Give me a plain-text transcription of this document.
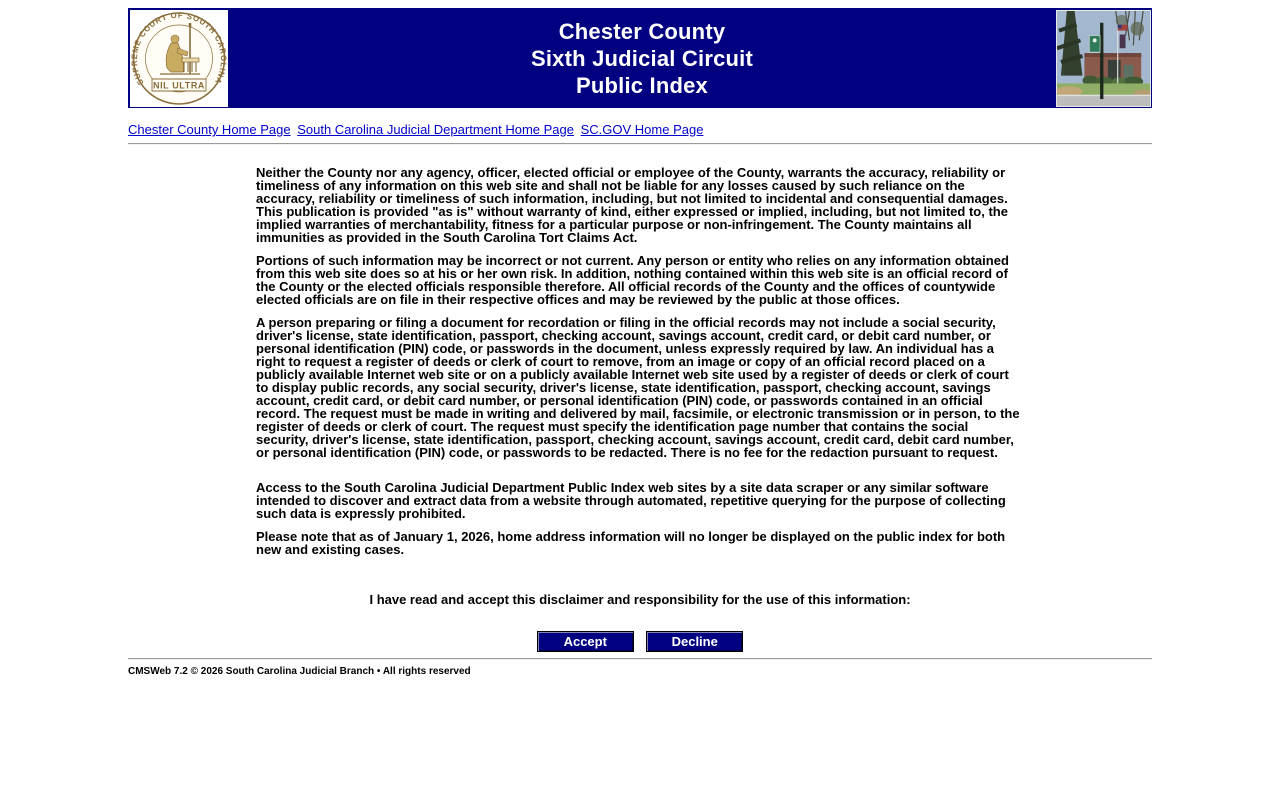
SUPREME COURT OF SOUTH CAROLINA
NIL ULTRA
Chester County
Sixth Judicial Circuit
Public Index
Chester County Home Page South Carolina Judicial Department Home Page SC.GOV Home Page

Neither the County nor any agency, officer, elected official or employee of the County, warrants the accuracy, reliability or timeliness of any information on this web site and shall not be liable for any losses caused by such reliance on the accuracy, reliability or timeliness of such information, including, but not limited to incidental and consequential damages. This publication is provided "as is" without warranty of kind, either expressed or implied, including, but not limited to, the implied warranties of merchantability, fitness for a particular purpose or non-infringement. The County maintains all immunities as provided in the South Carolina Tort Claims Act.

Portions of such information may be incorrect or not current. Any person or entity who relies on any information obtained from this web site does so at his or her own risk. In addition, nothing contained within this web site is an official record of the County or the elected officials responsible therefore. All official records of the County and the offices of countywide elected officials are on file in their respective offices and may be reviewed by the public at those offices.

A person preparing or filing a document for recordation or filing in the official records may not include a social security, driver's license, state identification, passport, checking account, savings account, credit card, or debit card number, or personal identification (PIN) code, or passwords in the document, unless expressly required by law. An individual has a right to request a register of deeds or clerk of court to remove, from an image or copy of an official record placed on a publicly available Internet web site or on a publicly available Internet web site used by a register of deeds or clerk of court to display public records, any social security, driver's license, state identification, passport, checking account, savings account, credit card, or debit card number, or personal identification (PIN) code, or passwords contained in an official record. The request must be made in writing and delivered by mail, facsimile, or electronic transmission or in person, to the register of deeds or clerk of court. The request must specify the identification page number that contains the social security, driver's license, state identification, passport, checking account, savings account, credit card, debit card number, or personal identification (PIN) code, or passwords to be redacted. There is no fee for the redaction pursuant to request.

Access to the South Carolina Judicial Department Public Index web sites by a site data scraper or any similar software intended to discover and extract data from a website through automated, repetitive querying for the purpose of collecting such data is expressly prohibited.

Please note that as of January 1, 2026, home address information will no longer be displayed on the public index for both new and existing cases.

I have read and accept this disclaimer and responsibility for the use of this information:
Accept	Decline
CMSWeb 7.2 © 2026 South Carolina Judicial Branch • All rights reserved
